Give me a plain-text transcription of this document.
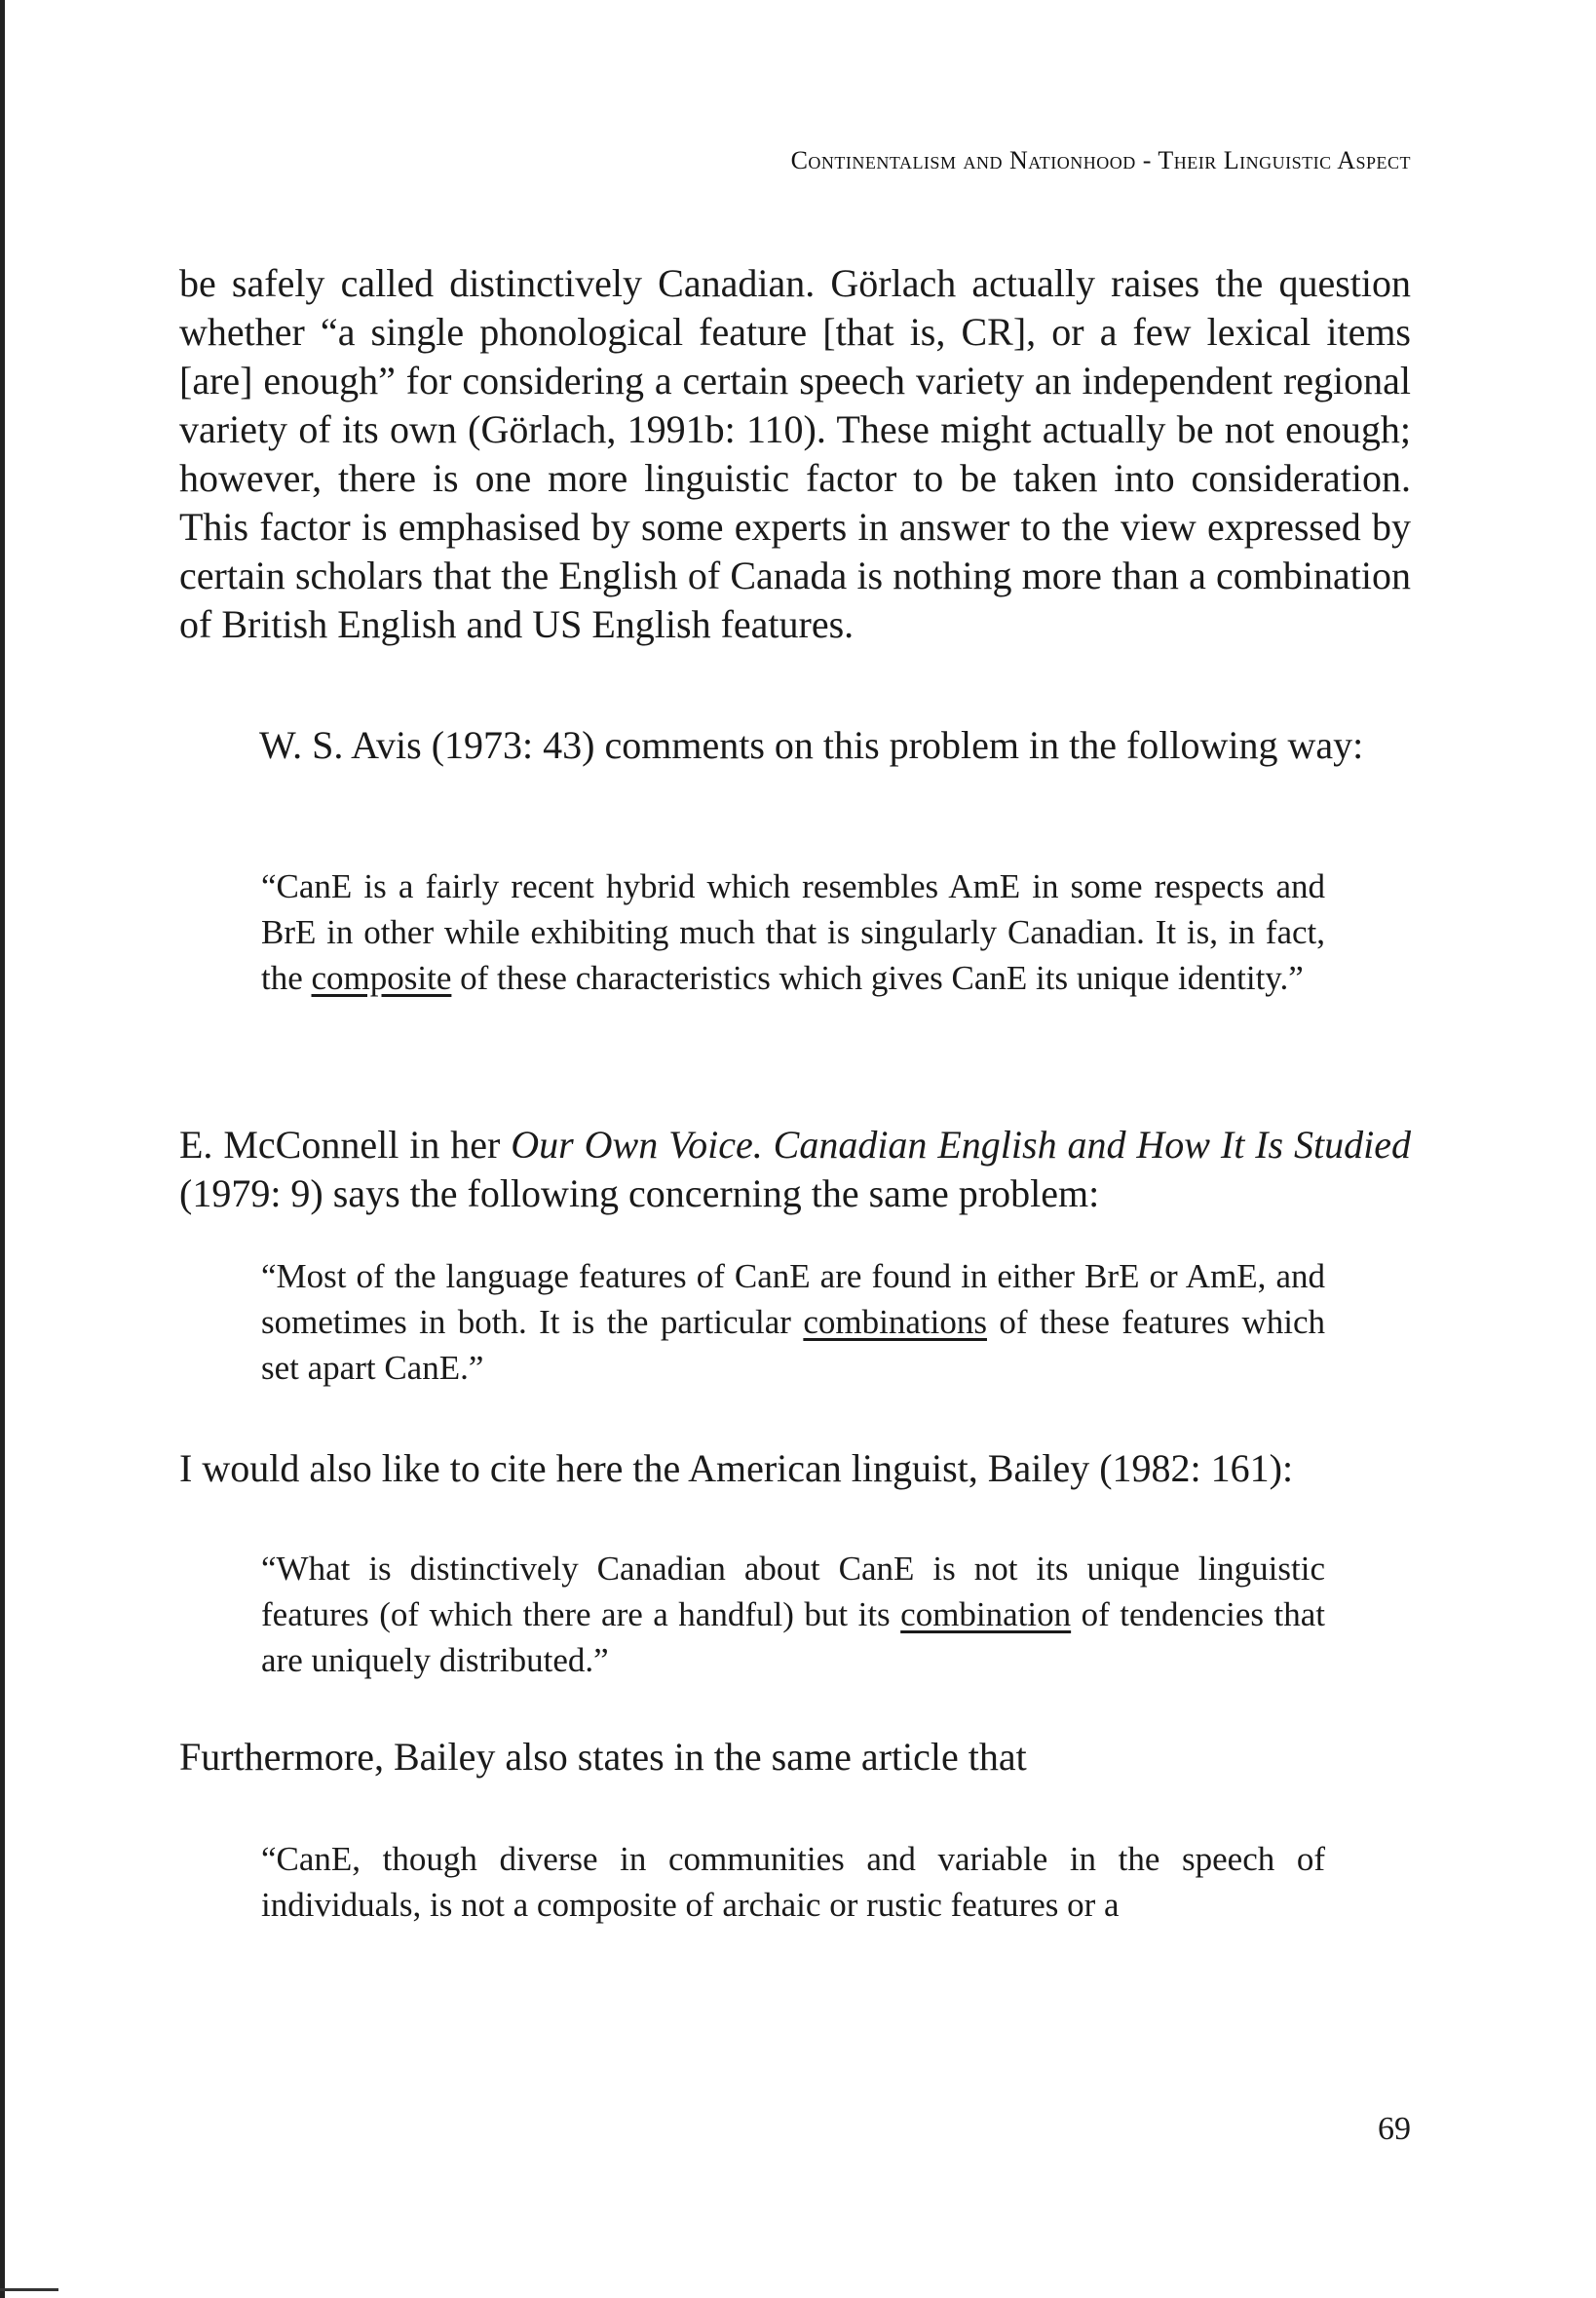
Continentalism and Nationhood - Their Linguistic Aspect

be safely called distinctively Canadian. Görlach actually raises the question whether “a single phonological feature [that is, CR], or a few lexical items [are] enough” for considering a certain speech variety an independent regional variety of its own (Görlach, 1991b: 110). These might actually be not enough; however, there is one more linguistic factor to be taken into consideration. This factor is emphasised by some experts in answer to the view expressed by certain scholars that the English of Canada is nothing more than a combination of British English and US English features.

W. S. Avis (1973: 43) comments on this problem in the following way:

“CanE is a fairly recent hybrid which resembles AmE in some respects and BrE in other while exhibiting much that is singularly Canadian. It is, in fact, the composite of these characteristics which gives CanE its unique identity.”

E. McConnell in her Our Own Voice. Canadian English and How It Is Studied (1979: 9) says the following concerning the same problem:

“Most of the language features of CanE are found in either BrE or AmE, and sometimes in both. It is the particular combinations of these features which set apart CanE.”

I would also like to cite here the American linguist, Bailey (1982: 161):

“What is distinctively Canadian about CanE is not its unique linguistic features (of which there are a handful) but its combination of tendencies that are uniquely distributed.”

Furthermore, Bailey also states in the same article that

“CanE, though diverse in communities and variable in the speech of individuals, is not a composite of archaic or rustic features or a

69
